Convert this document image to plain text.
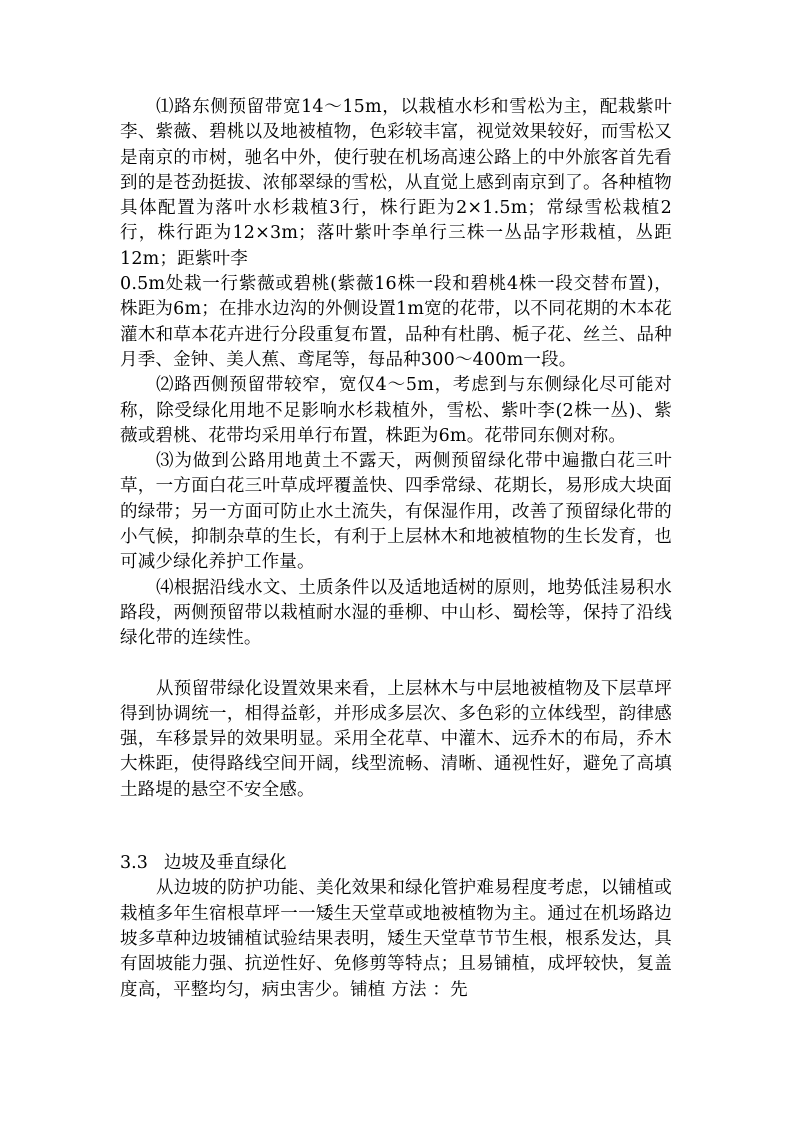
⑴路东侧预留带宽14～15m，以栽植水杉和雪松为主，配栽紫叶李、紫薇、碧桃以及地被植物，色彩较丰富，视觉效果较好，而雪松又是南京的市树，驰名中外，使行驶在机场高速公路上的中外旅客首先看到的是苍劲挺拔、浓郁翠绿的雪松，从直觉上感到南京到了。各种植物具体配置为落叶水杉栽植3行，株行距为2×1.5m；常绿雪松栽植2行，株行距为12×3m；落叶紫叶李单行三株一丛品字形栽植，丛距12m；距紫叶李

0.5m处栽一行紫薇或碧桃(紫薇16株一段和碧桃4株一段交替布置)，株距为6m；在排水边沟的外侧设置1m宽的花带，以不同花期的木本花灌木和草本花卉进行分段重复布置，品种有杜鹃、栀子花、丝兰、品种月季、金钟、美人蕉、鸢尾等，每品种300～400m一段。

⑵路西侧预留带较窄，宽仅4～5m，考虑到与东侧绿化尽可能对称，除受绿化用地不足影响水杉栽植外，雪松、紫叶李(2株一丛)、紫薇或碧桃、花带均采用单行布置，株距为6m。花带同东侧对称。

⑶为做到公路用地黄土不露天，两侧预留绿化带中遍撒白花三叶草，一方面白花三叶草成坪覆盖快、四季常绿、花期长，易形成大块面的绿带；另一方面可防止水土流失，有保湿作用，改善了预留绿化带的小气候，抑制杂草的生长，有利于上层林木和地被植物的生长发育，也可减少绿化养护工作量。

⑷根据沿线水文、土质条件以及适地适树的原则，地势低洼易积水路段，两侧预留带以栽植耐水湿的垂柳、中山杉、蜀桧等，保持了沿线绿化带的连续性。

从预留带绿化设置效果来看，上层林木与中层地被植物及下层草坪得到协调统一，相得益彰，并形成多层次、多色彩的立体线型，韵律感强，车移景异的效果明显。采用全花草、中灌木、远乔木的布局，乔木大株距，使得路线空间开阔，线型流畅、清晰、通视性好，避免了高填土路堤的悬空不安全感。

3.3 边坡及垂直绿化

从边坡的防护功能、美化效果和绿化管护难易程度考虑，以铺植或栽植多年生宿根草坪一一矮生天堂草或地被植物为主。通过在机场路边坡多草种边坡铺植试验结果表明，矮生天堂草节节生根，根系发达，具有固坡能力强、抗逆性好、免修剪等特点；且易铺植，成坪较快，复盖度高，平整均匀，病虫害少。铺植 方法 ：先
